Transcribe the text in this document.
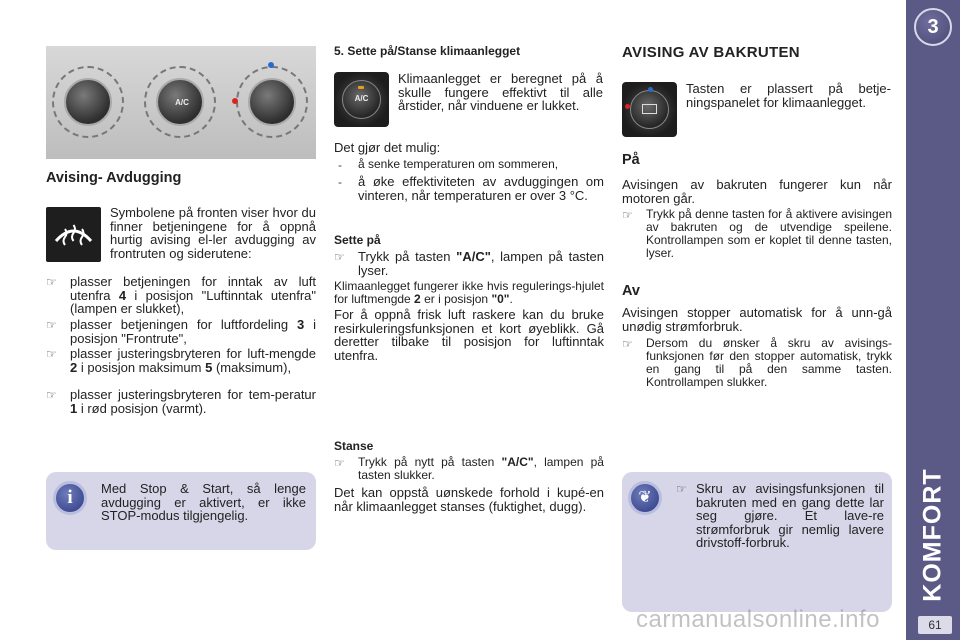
3
KOMFORT
61
A/C
Avising- Avdugging
Symbolene på fronten viser hvor du finner betjeningene for å oppnå hurtig avising el-ler avdugging av frontruten og siderutene:
☞ plasser betjeningen for inntak av luft utenfra 4 i posisjon "Luftinntak utenfra" (lampen er slukket),
☞ plasser betjeningen for luftfordeling 3 i posisjon "Frontrute",
☞ plasser justeringsbryteren for luft-mengde 2 i posisjon maksimum 5 (maksimum),
☞ plasser justeringsbryteren for tem-peratur 1 i rød posisjon (varmt).
i	Med Stop & Start, så lenge avdugging er aktivert, er ikke STOP-modus tilgjengelig.
5. Sette på/Stanse klimaanlegget
A/C
Klimaanlegget er beregnet på å skulle fungere effektivt til alle årstider, når vinduene er lukket.
Det gjør det mulig:
- å senke temperaturen om sommeren,
- å øke effektiviteten av avduggingen om vinteren, når temperaturen er over 3 °C.
Sette på
☞ Trykk på tasten "A/C", lampen på tasten lyser.
Klimaanlegget fungerer ikke hvis regulerings-hjulet for luftmengde 2 er i posisjon "0".
For å oppnå frisk luft raskere kan du bruke resirkuleringsfunksjonen et kort øyeblikk. Gå deretter tilbake til posisjon for luftinntak utenfra.
Stanse
☞ Trykk på nytt på tasten "A/C", lampen på tasten slukker.
Det kan oppstå uønskede forhold i kupé-en når klimaanlegget stanses (fuktighet, dugg).
AVISING AV BAKRUTEN
Tasten er plassert på betje-ningspanelet for klimaanlegget.
På
Avisingen av bakruten fungerer kun når motoren går.
☞ Trykk på denne tasten for å aktivere avisingen av bakruten og de utvendige speilene. Kontrollampen som er koplet til denne tasten, lyser.
Av
Avisingen stopper automatisk for å unn-gå unødig strømforbruk.
☞ Dersom du ønsker å skru av avisings-funksjonen før den stopper automatisk, trykk en gang til på den samme tasten. Kontrollampen slukker.
❦	☞ Skru av avisingsfunksjonen til bakruten med en gang dette lar seg gjøre. Et lave-re strømforbruk gir nemlig lavere drivstoff-forbruk.
carmanualsonline.info
